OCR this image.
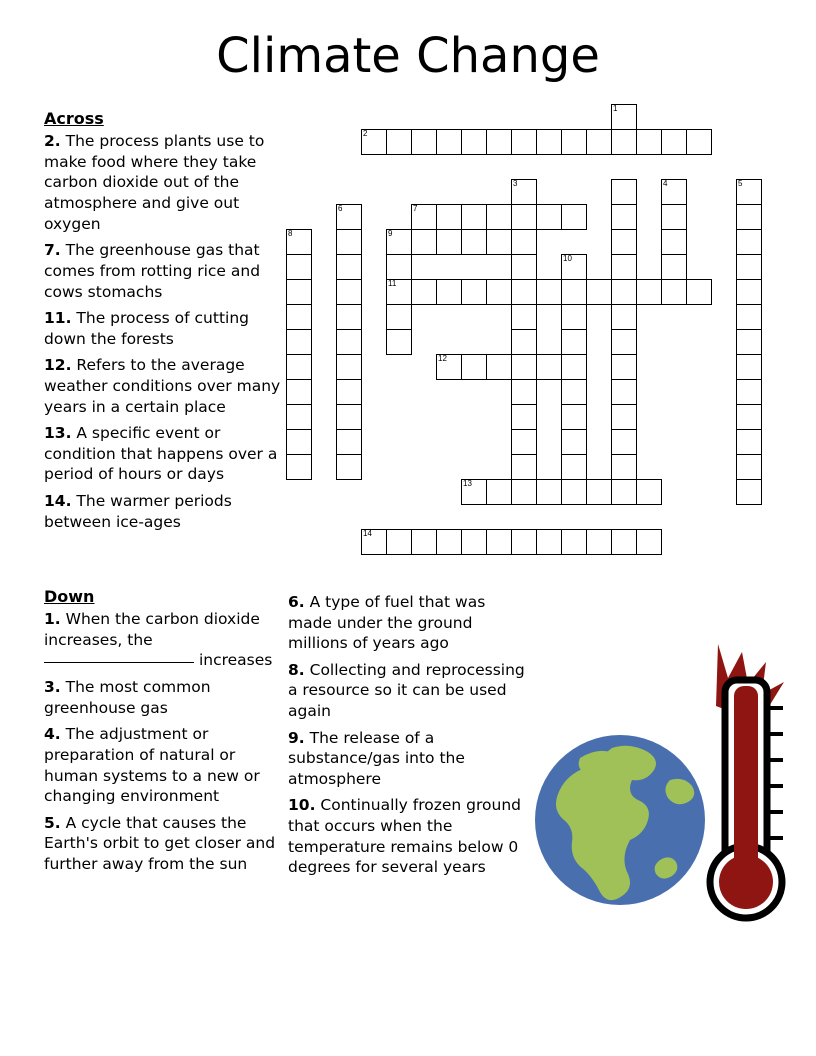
Climate Change
Across
2. The process plants use to make food where they take carbon dioxide out of the atmosphere and give out oxygen
7. The greenhouse gas that comes from rotting rice and cows stomachs
11. The process of cutting down the forests
12. Refers to the average weather conditions over many years in a certain place
13. A specific event or condition that happens over a period of hours or days
14. The warmer periods between ice-ages
Down
1. When the carbon dioxide increases, the  increases
3. The most common greenhouse gas
4. The adjustment or preparation of natural or human systems to a new or changing environment
5. A cycle that causes the Earth's orbit to get closer and further away from the sun
6. A type of fuel that was made under the ground millions of years ago
8. Collecting and reprocessing a resource so it can be used again
9. The release of a substance/gas into the atmosphere
10. Continually frozen ground that occurs when the temperature remains below 0 degrees for several years
1
2
3	4	5
6	7
8	9
10
11
12
13
14
